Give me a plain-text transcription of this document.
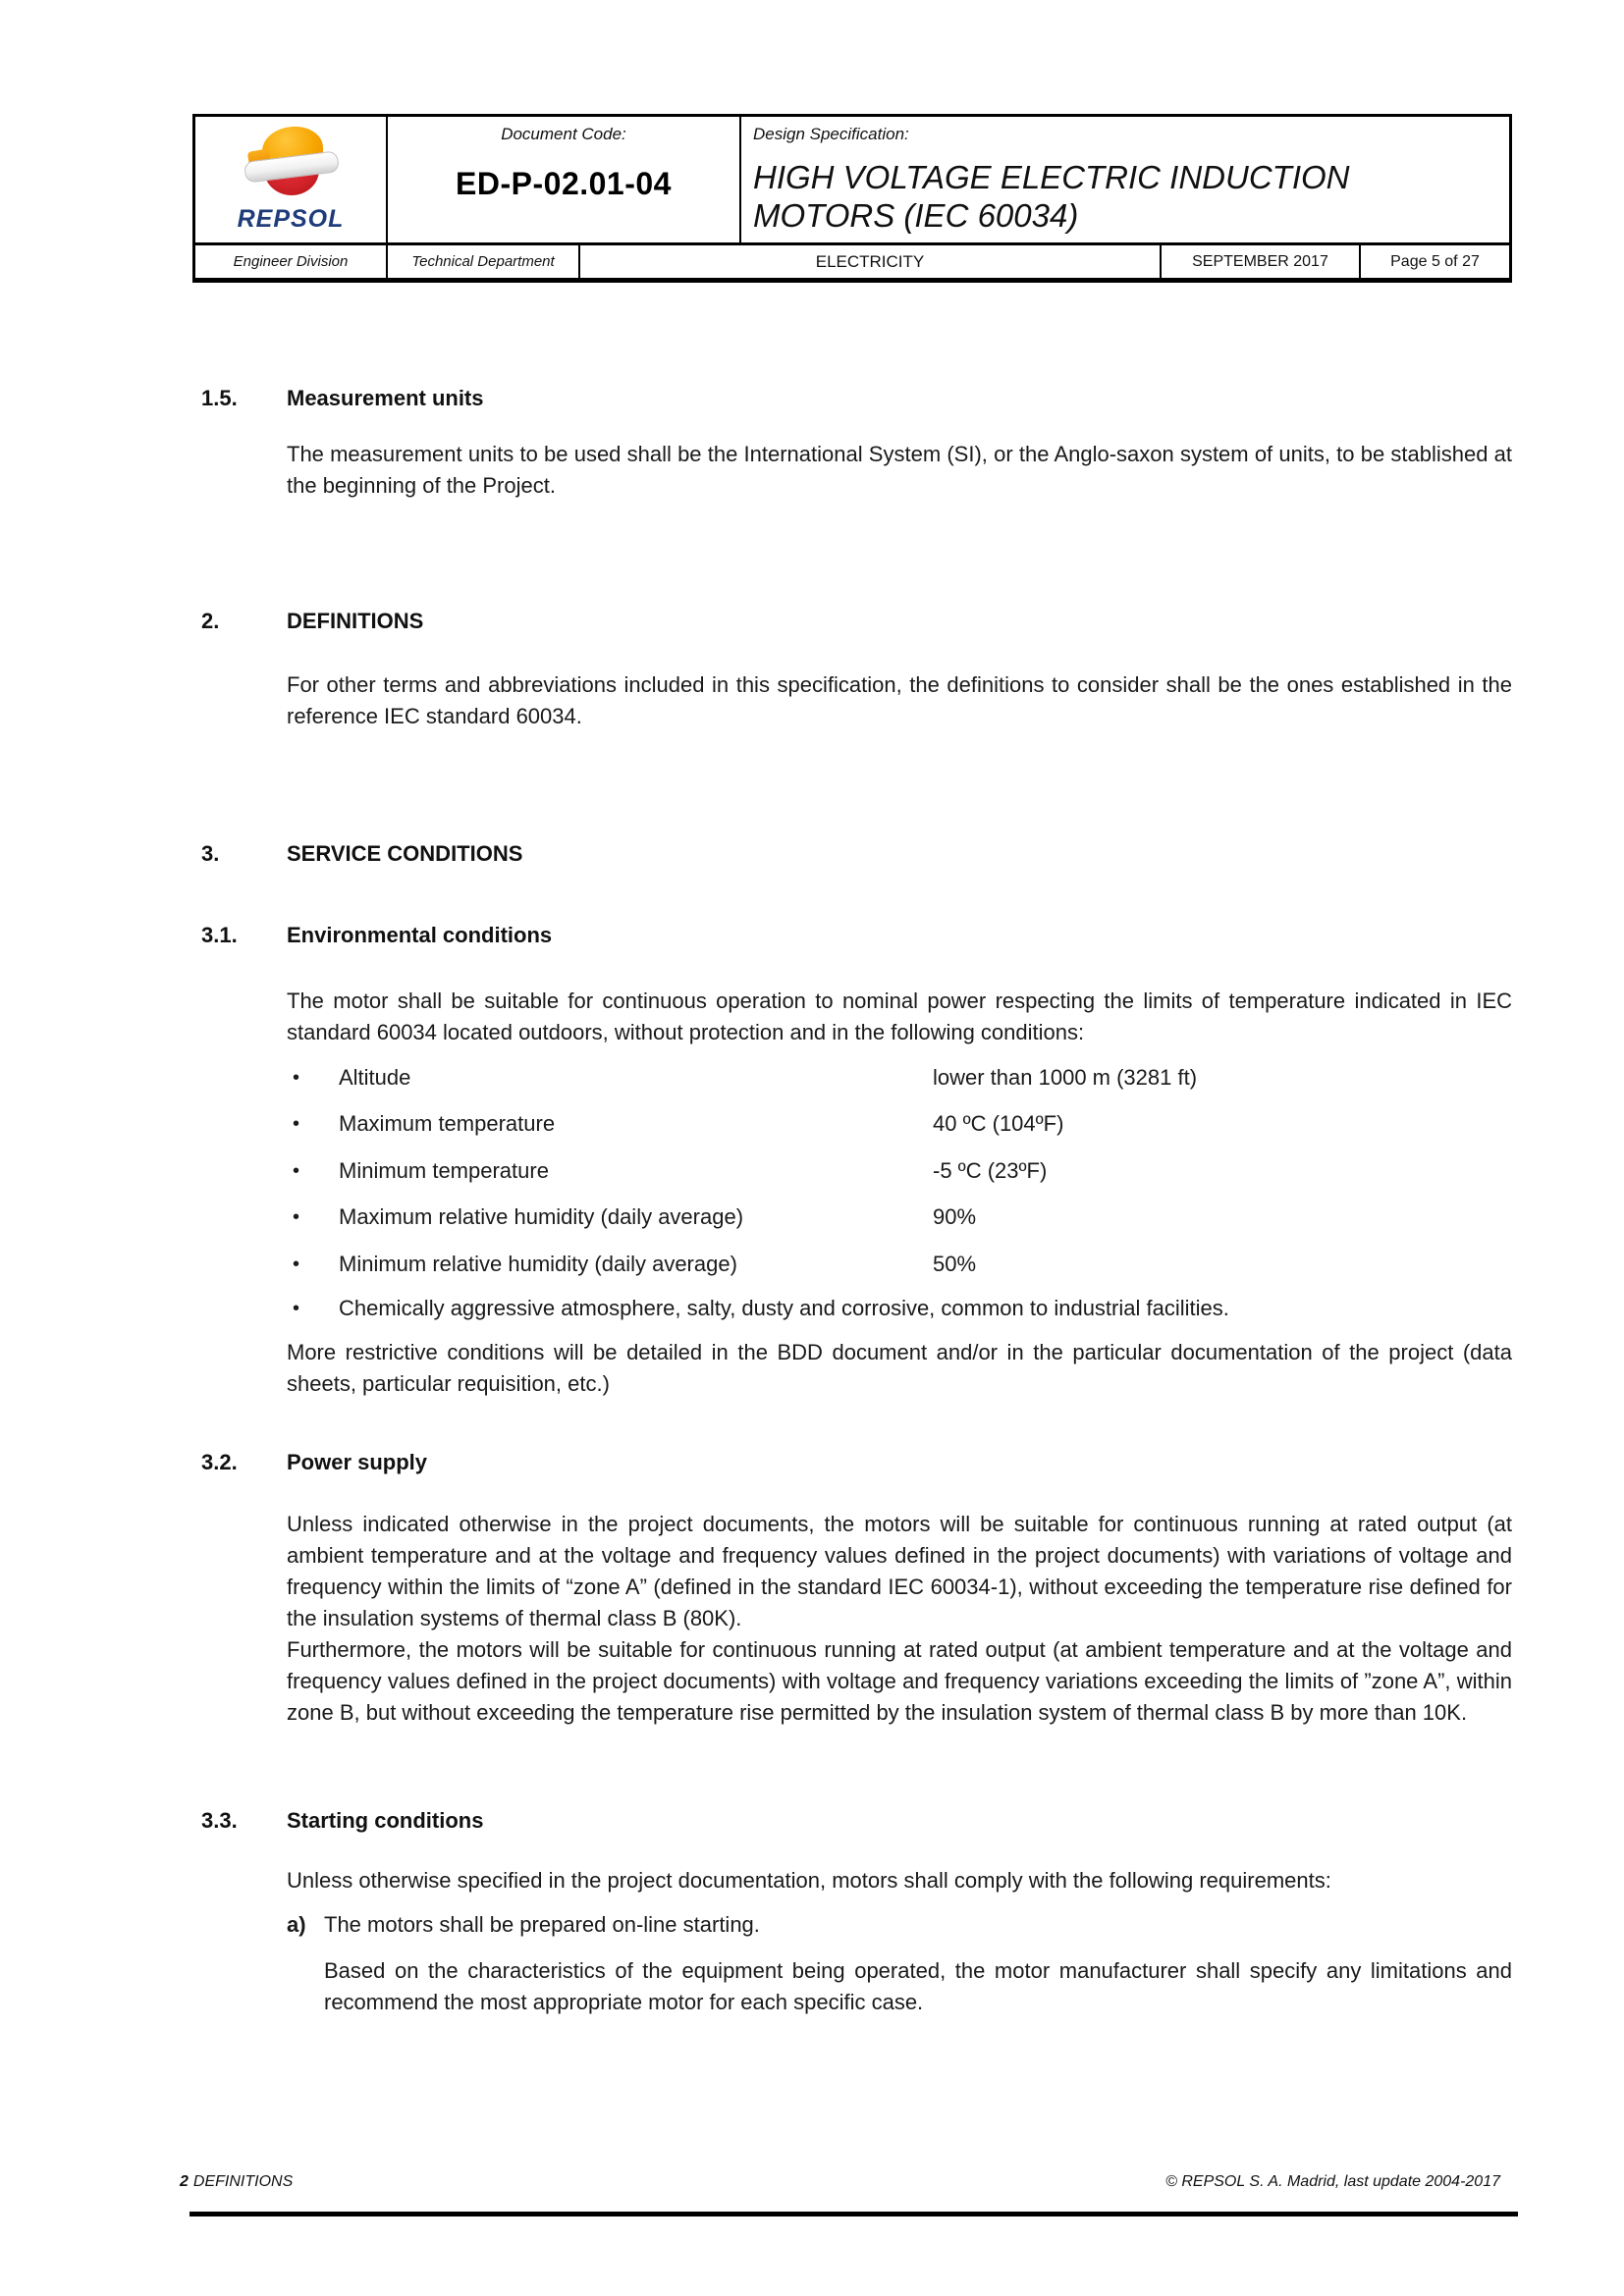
REPSOL
Document Code:
ED-P-02.01-04
Design Specification:
HIGH VOLTAGE ELECTRIC INDUCTION
MOTORS (IEC 60034)
Engineer Division	Technical Department	ELECTRICITY	SEPTEMBER 2017	Page 5 of 27
1.5. Measurement units
The measurement units to be used shall be the International System (SI), or the Anglo-saxon system of units, to be stablished at the beginning of the Project.
2.	DEFINITIONS
For other terms and abbreviations included in this specification, the definitions to consider shall be the ones established in the reference IEC standard 60034.
3.	SERVICE CONDITIONS
3.1. Environmental conditions
The motor shall be suitable for continuous operation to nominal power respecting the limits of temperature indicated in IEC standard 60034 located outdoors, without protection and in the following conditions:
•	Altitude	lower than 1000 m (3281 ft)
•	Maximum temperature	40 ºC (104ºF)
•	Minimum temperature	-5 ºC (23ºF)
•	Maximum relative humidity (daily average)	90%
•	Minimum relative humidity (daily average)	50%
•	Chemically aggressive atmosphere, salty, dusty and corrosive, common to industrial facilities.
More restrictive conditions will be detailed in the BDD document and/or in the particular documentation of the project (data sheets, particular requisition, etc.)
3.2. Power supply
Unless indicated otherwise in the project documents, the motors will be suitable for continuous running at rated output (at ambient temperature and at the voltage and frequency values defined in the project documents) with variations of voltage and frequency within the limits of “zone A” (defined in the standard IEC 60034-1), without exceeding the temperature rise defined for the insulation systems of thermal class B (80K).
Furthermore, the motors will be suitable for continuous running at rated output (at ambient temperature and at the voltage and frequency values defined in the project documents) with voltage and frequency variations exceeding the limits of ”zone A”, within zone B, but without exceeding the temperature rise permitted by the insulation system of thermal class B by more than 10K.
3.3. Starting conditions
Unless otherwise specified in the project documentation, motors shall comply with the following requirements:
a) The motors shall be prepared on-line starting.
Based on the characteristics of the equipment being operated, the motor manufacturer shall specify any limitations and recommend the most appropriate motor for each specific case.
2 DEFINITIONS	© REPSOL S. A. Madrid, last update 2004-2017
